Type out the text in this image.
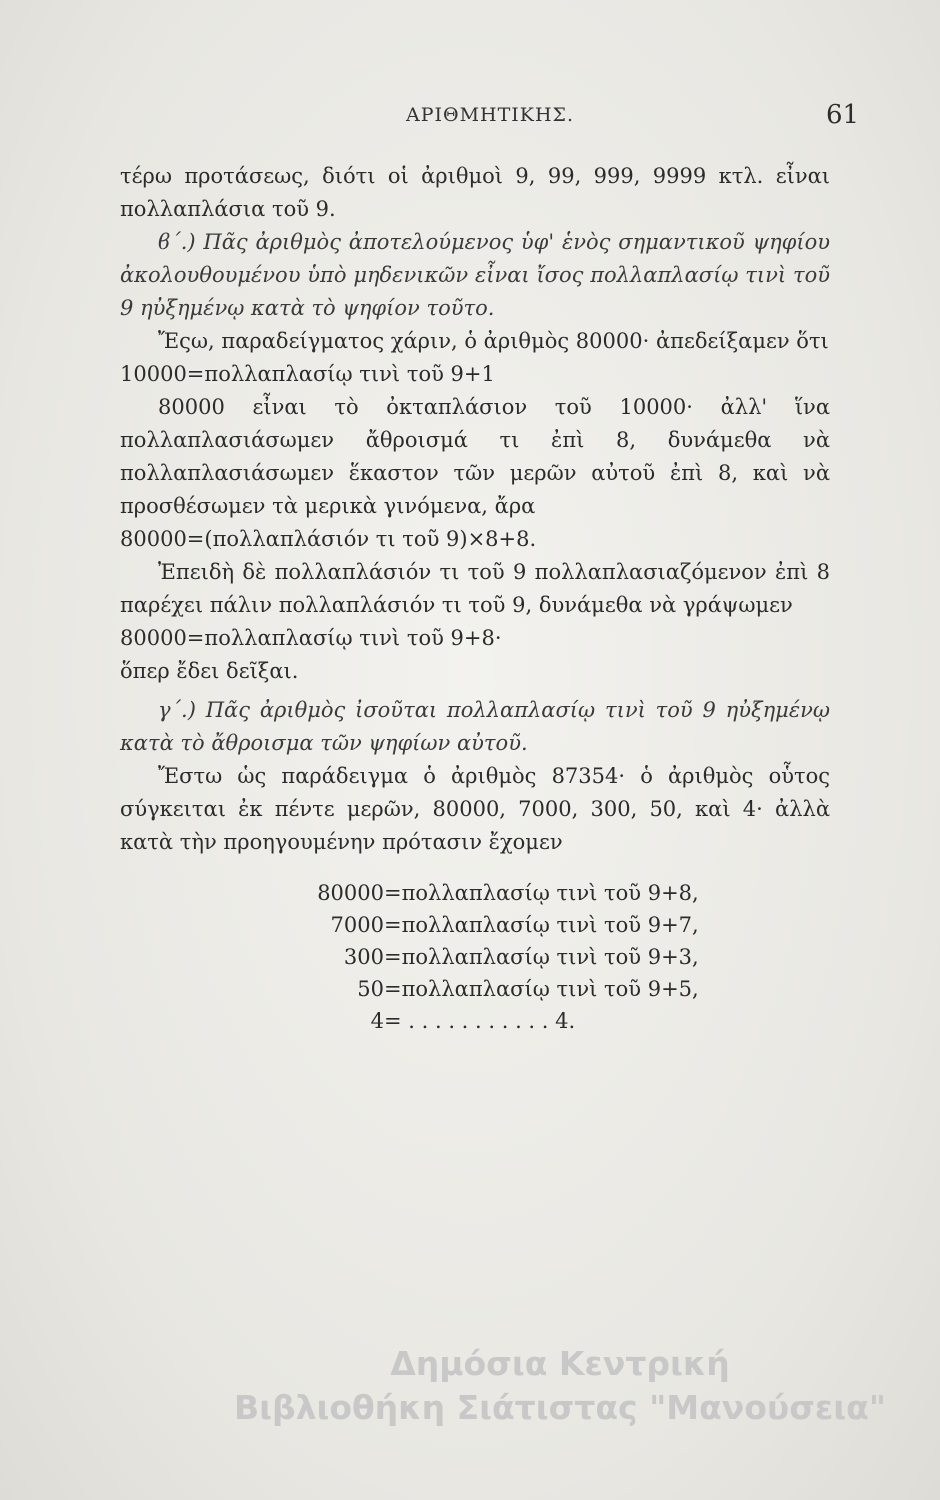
ΑΡΙΘΜΗΤΙΚΗΣ.	61

τέρω προτάσεως, διότι οἱ ἀριθμοὶ 9, 99, 999, 9999 κτλ. εἶναι πολλαπλάσια τοῦ 9.

ϐ΄.) Πᾶς ἀριθμὸς ἀποτελούμενος ὑφ' ἑνὸς σημαντικοῦ ψηφίου ἀκολουθουμένου ὑπὸ μηδενικῶν εἶναι ἴσος πολλαπλασίῳ τινὶ τοῦ 9 ηὐξημένῳ κατὰ τὸ ψηφίον τοῦτο.

Ἔςω, παραδείγματος χάριν, ὁ ἀριθμὸς 80000· ἀπεδείξαμεν ὅτι

10000=πολλαπλασίῳ τινὶ τοῦ 9+1

80000 εἶναι τὸ ὀκταπλάσιον τοῦ 10000· ἀλλ' ἵνα πολλαπλασιάσωμεν ἄθροισμά τι ἐπὶ 8, δυνάμεθα νὰ πολλαπλασιάσωμεν ἕκαστον τῶν μερῶν αὐτοῦ ἐπὶ 8, καὶ νὰ προσθέσωμεν τὰ μερικὰ γινόμενα, ἄρα

80000=(πολλαπλάσιόν τι τοῦ 9)×8+8.

Ἐπειδὴ δὲ πολλαπλάσιόν τι τοῦ 9 πολλαπλασιαζόμενον ἐπὶ 8 παρέχει πάλιν πολλαπλάσιόν τι τοῦ 9, δυνάμεθα νὰ γράψωμεν

80000=πολλαπλασίῳ τινὶ τοῦ 9+8·

ὅπερ ἔδει δεῖξαι.

γ΄.) Πᾶς ἀριθμὸς ἰσοῦται πολλαπλασίῳ τινὶ τοῦ 9 ηὐξημένῳ κατὰ τὸ ἄθροισμα τῶν ψηφίων αὐτοῦ.

Ἔστω ὡς παράδειγμα ὁ ἀριθμὸς 87354· ὁ ἀριθμὸς οὗτος σύγκειται ἐκ πέντε μερῶν, 80000, 7000, 300, 50, καὶ 4· ἀλλὰ κατὰ τὴν προηγουμένην πρότασιν ἔχομεν

80000=πολλαπλασίῳ τινὶ τοῦ 9+8,
7000=πολλαπλασίῳ τινὶ τοῦ 9+7,
300=πολλαπλασίῳ τινὶ τοῦ 9+3,
50=πολλαπλασίῳ τινὶ τοῦ 9+5,
4= . . . . . . . . . . . 4.
Δημόσια Κεντρική
Βιβλιοθήκη Σιάτιστας "Μανούσεια"
